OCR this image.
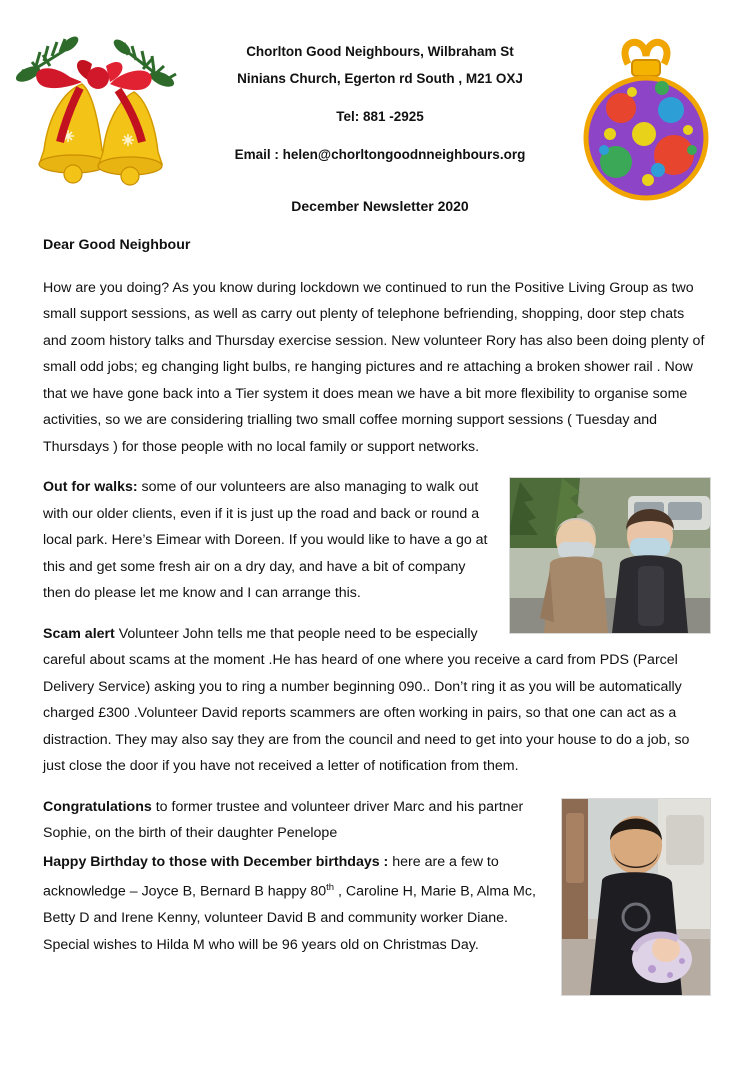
Chorlton Good Neighbours, Wilbraham St
Ninians Church, Egerton rd South , M21 OXJ
Tel: 881 -2925
Email : helen@chorltongoodnneighbours.org
December Newsletter 2020
Dear Good Neighbour

How are you doing? As you know during lockdown we continued to run the Positive Living Group as two small support sessions, as well as carry out plenty of telephone befriending, shopping, door step chats and zoom history talks and Thursday exercise session. New volunteer Rory has also been doing plenty of small odd jobs; eg changing light bulbs, re hanging pictures and re attaching a broken shower rail . Now that we have gone back into a Tier system it does mean we have a bit more flexibility to organise some activities, so we are considering trialling two small coffee morning support sessions ( Tuesday and Thursdays ) for those people with no local family or support networks.

Out for walks: some of our volunteers are also managing to walk out with our older clients, even if it is just up the road and back or round a local park. Here’s Eimear with Doreen. If you would like to have a go at this and get some fresh air on a dry day, and have a bit of company then do please let me know and I can arrange this.

Scam alert Volunteer John tells me that people need to be especially careful about scams at the moment .He has heard of one where you receive a card from PDS (Parcel Delivery Service) asking you to ring a number beginning 090.. Don’t ring it as you will be automatically charged £300 .Volunteer David reports scammers are often working in pairs, so that one can act as a distraction. They may also say they are from the council and need to get into your house to do a job, so just close the door if you have not received a letter of notification from them.

Congratulations to former trustee and volunteer driver Marc and his partner Sophie, on the birth of their daughter Penelope

Happy Birthday to those with December birthdays : here are a few to acknowledge – Joyce B, Bernard B happy 80th , Caroline H, Marie B, Alma Mc, Betty D and Irene Kenny, volunteer David B and community worker Diane. Special wishes to Hilda M who will be 96 years old on Christmas Day.
